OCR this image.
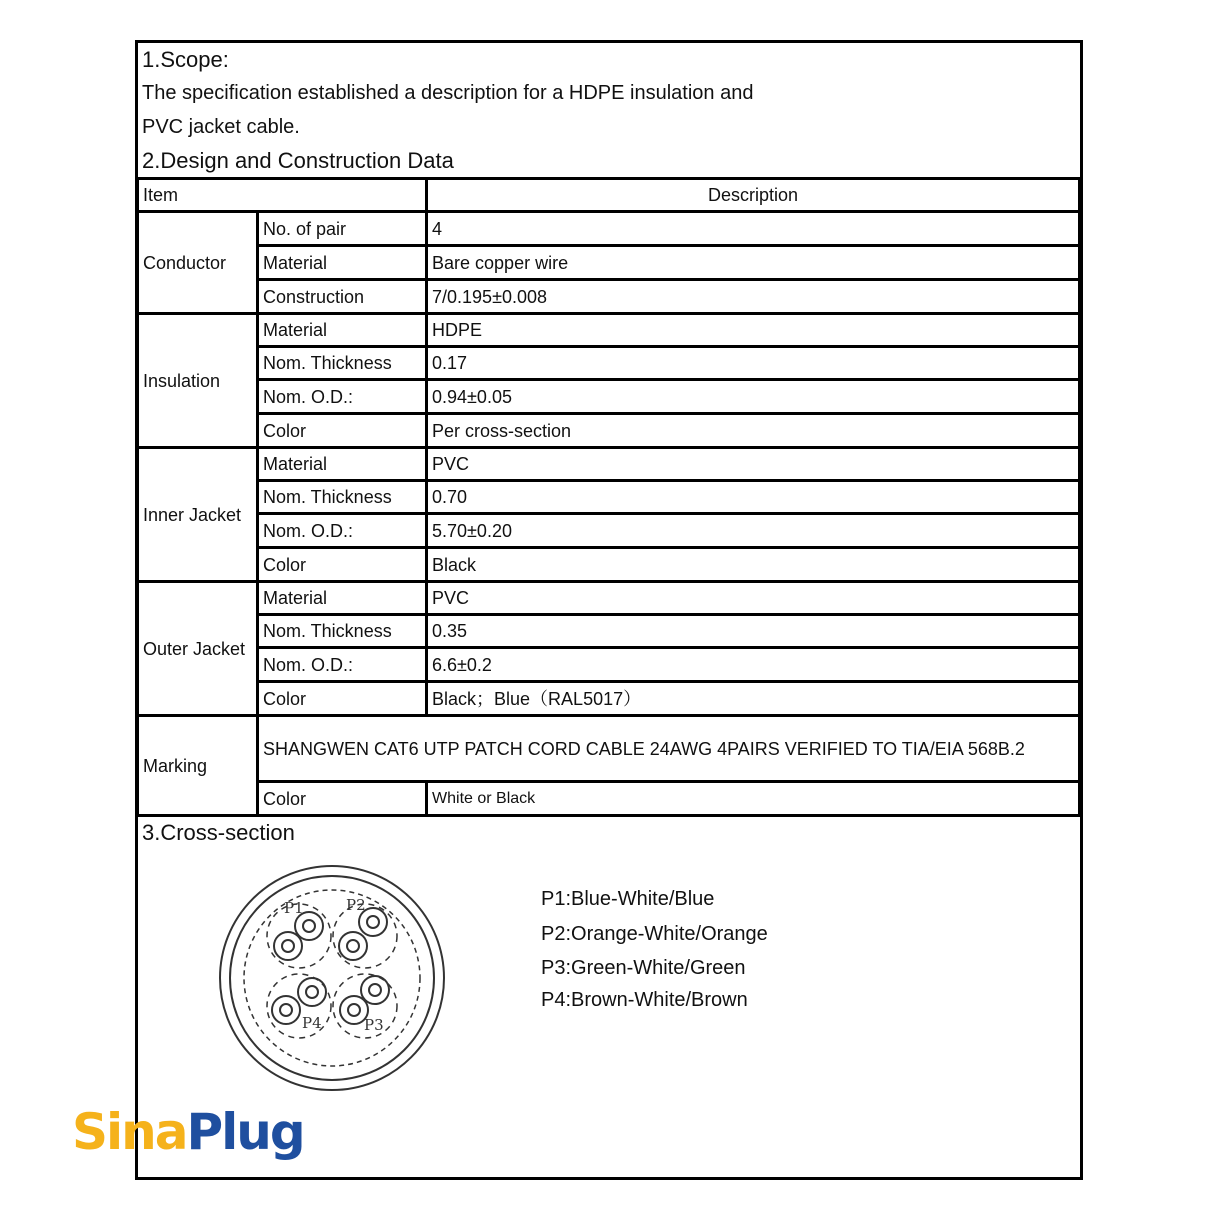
1.Scope:
The specification established a description for a HDPE insulation and
PVC jacket cable.
2.Design and Construction Data
Item		Description
Conductor	No. of pair	4
	Material	Bare copper wire
	Construction	7/0.195±0.008
Insulation	Material	HDPE
	Nom. Thickness	0.17
	Nom. O.D.:	0.94±0.05
	Color	Per cross-section
Inner Jacket	Material	PVC
	Nom. Thickness	0.70
	Nom. O.D.:	5.70±0.20
	Color	Black
Outer Jacket	Material	PVC
	Nom. Thickness	0.35
	Nom. O.D.:	6.6±0.2
	Color	Black；Blue（RAL5017）
Marking	SHANGWEN CAT6 UTP PATCH CORD CABLE 24AWG 4PAIRS VERIFIED TO TIA/EIA 568B.2	
	Color	White or Black
3.Cross-section
P1	P2
P3
P4
P1:Blue-White/Blue
P2:Orange-White/Orange
P3:Green-White/Green
P4:Brown-White/Brown
SinaPlug
